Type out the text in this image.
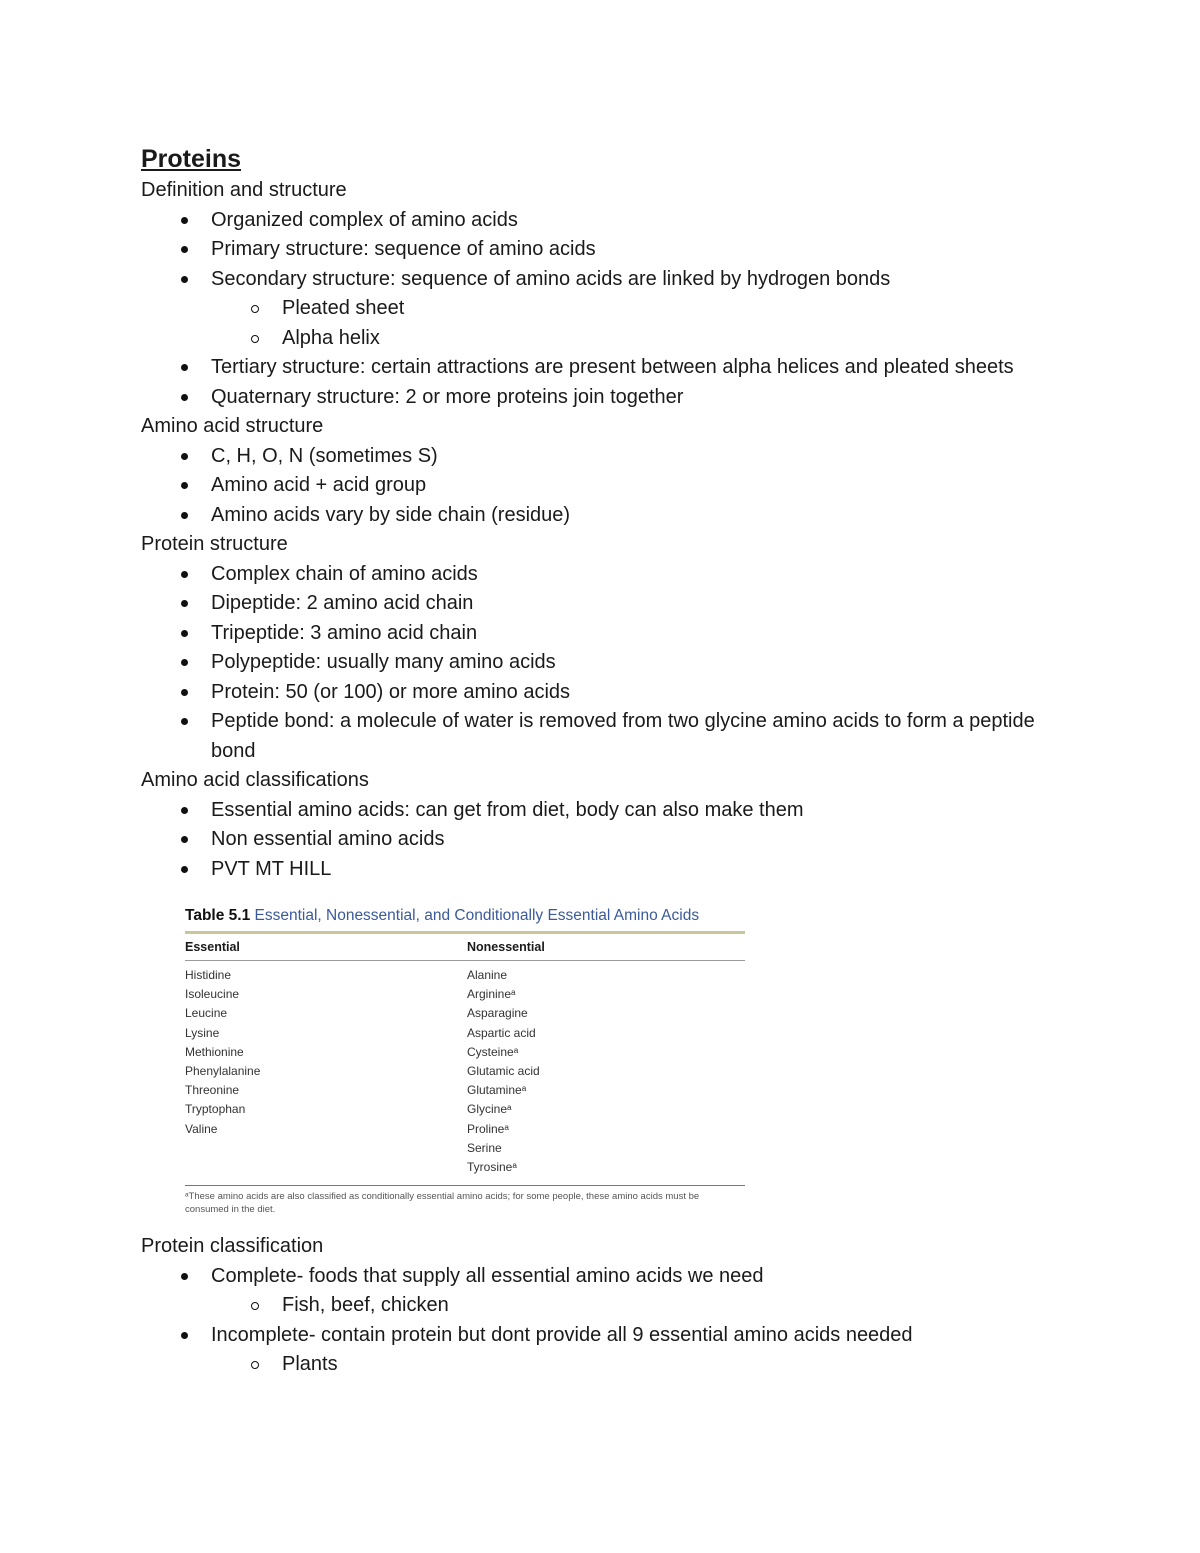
Proteins

Definition and structure

Organized complex of amino acids
Primary structure: sequence of amino acids
Secondary structure: sequence of amino acids are linked by hydrogen bonds
Pleated sheet
Alpha helix
Tertiary structure: certain attractions are present between alpha helices and pleated sheets
Quaternary structure: 2 or more proteins join together

Amino acid structure

C, H, O, N (sometimes S)
Amino acid + acid group
Amino acids vary by side chain (residue)

Protein structure

Complex chain of amino acids
Dipeptide: 2 amino acid chain
Tripeptide: 3 amino acid chain
Polypeptide: usually many amino acids
Protein: 50 (or 100) or more amino acids
Peptide bond: a molecule of water is removed from two glycine amino acids to form a peptide bond

Amino acid classifications

Essential amino acids: can get from diet, body can also make them
Non essential amino acids
PVT MT HILL

Table 5.1 Essential, Nonessential, and Conditionally Essential Amino Acids

Essential	Nonessential
Histidine
Isoleucine
Leucine
Lysine
Methionine
Phenylalanine
Threonine
Tryptophan
Valine
Alanine
Arginineᵃ
Asparagine
Aspartic acid
Cysteineᵃ
Glutamic acid
Glutamineᵃ
Glycineᵃ
Prolineᵃ
Serine
Tyrosineᵃ
ᵃThese amino acids are also classified as conditionally essential amino acids; for some people, these amino acids must be consumed in the diet.

Protein classification

Complete- foods that supply all essential amino acids we need
Fish, beef, chicken
Incomplete- contain protein but dont provide all 9 essential amino acids needed
Plants
